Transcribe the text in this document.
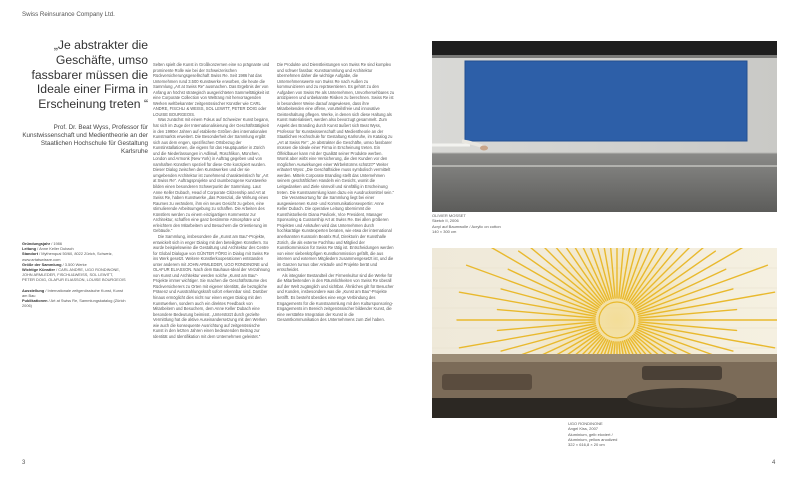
Swiss Reinsurance Company Ltd.
„Je abstrakter die Geschäfte, umso fassbarer müssen die Ideale einer Firma in Erscheinung treten “
Prof. Dr. Beat Wyss, Professor für Kunstwissenschaft und Medientheorie an der Staatlichen Hochschule für Gestaltung Karlsruhe

Gründungsjahr / 1986

Leitung / Anne Keller Dubach

Standort / Mythenquai 50/60, 8022 Zürich, Schweiz, www.artatswissre.com

Größe der Sammlung / 3.500 Werke

Wichtige Künstler / CARL ANDRE, UGO RONDINONE, JOHN ARMLEDER, FISCHLI&WEISS, SOL LEWITT, PETER DOIG, OLAFUR ELIASSON, LOUISE BOURGEOIS

Ausstellung / Internationale zeitgenössische Kunst, Kunst am Bau

Publikationen / Art at Swiss Re, Sammlungskatalog (Zürich 2006)

Selten spielt die Kunst in Großkonzernen eine so prägnante und prominente Rolle wie bei der Schweizerischen Rückversicherungsgesellschaft Swiss Re. Seit 1986 hat das Unternehmen rund 3.500 Kunstwerke erworben, die heute die Sammlung „Art at Swiss Re“ ausmachen. Das Ergebnis der von Anfang an höchst strategisch ausgerichteten Sammeltätigkeit ist eine Corporate Collection von Weltrang mit hervorragenden Werken weltbekannter zeitgenössischer Künstler wie CARL ANDRE, FISCHLI & WEISS, SOL LEWITT, PETER DOIG oder LOUISE BOURGEOIS.

Was zunächst mit einem Fokus auf Schweizer Kunst begann, hat sich im Zuge der Internationalisierung der Geschäftstätigkeit in den 1990er Jahren auf etablierte Größen des internationalen Kunstmarkts erweitert. Die Besonderheit der Sammlung ergibt sich aus dem engen, spezifischen Ortsbezug der Kunstinstallationen, die eigens für das Hauptquartier in Zürich und die Niederlassungen in Adliswil, Rüschlikon, München, London und Armonk (New York) in Auftrag gegeben und von namhaften Künstlern speziell für diese Orte konzipiert wurden. Dieser Dialog zwischen den Kunstwerken und der sie umgebenden Architektur ist zunehmend charakteristisch für „Art at Swiss Re“. Auftragsprojekte und raumbezogene Kunstwerke bilden einen besonderen Schwerpunkt der Sammlung. Laut Anne Keller Dubach, Head of Corporate Citizenship and Art at Swiss Re, haben Kunstwerke „das Potenzial, die Wirkung eines Raumes zu verändern, ihm ein neues Gesicht zu geben, eine stimulierende Arbeitsumgebung zu schaffen. Die Arbeiten des Künstlers werden zu einem einzigartigen Kommentar zur Architektur, schaffen eine ganz bestimmte Atmosphäre und erleichtern den Mitarbeitern und Besuchern die Orientierung im Gebäude.“

Die Sammlung, insbesondere die „Kunst am Bau“-Projekte, entwickelt sich in enger Dialog mit den beteiligten Künstlern. So wurde beispielsweise die Gestaltung und Architektur des Centre for Global Dialogue von GÜNTER FÖRG in Dialog mit Swiss Re ins Werk gesetzt. Weitere Künstlerkooperationen entstanden unter anderem mit JOHN ARMLEDER, UGO RONDINONE und OLAFUR ELIASSON. Nach dem Bauhaus-Ideal der Verzahnung von Kunst und Architektur werden solche „Kunst am Bau“-Projekte immer wichtiger. Sie machen die Geschäftsräume des Rückversicherers zu Orten mit eigener Identität, die bezügliche Präsenz und Ausstrahlungskraft sofort erkennbar sind. Darüber hinaus ermöglicht dies nicht nur einen engen Dialog mit den Kunstwerken, sondern auch ein direktes Feedback von Mitarbeitern und Besuchern, dem Anne Keller Dubach eine besondere Bedeutung beimisst. „Unterstützt durch gezielte Vermittlung hat die aktive Auseinandersetzung mit den Werken wie auch die konsequente Ausrichtung auf zeitgenössische Kunst in den letzten Jahren einen bedeutenden Beitrag zur Identität und Identifikation mit dem Unternehmen geleistet.“

Die Produkte und Dienstleistungen von Swiss Re sind komplex und schwer fassbar. Kunstsammlung und Architektur übernehmen daher die wichtige Aufgabe, die Unternehmenswerte von Swiss Re nach Außen zu kommunizieren und zu repräsentieren. Es gehört zu den Aufgaben von Swiss Re als Unternehmen, Unvorhersehbares zu antizipieren und unbekannte Risiken zu berechnen. Swiss Re ist in besonderer Weise darauf angewiesen, dass ihre Mitarbeitenden eine offene, vorurteilsfreie und innovative Geisteshaltung pflegen. Werke, in denen sich diese Haltung als Kunst materialisiert, werden also bevorzugt gesammelt. Zum Aspekt des Branding durch Kunst äußert sich Beat Wyss, Professor für Kunstwissenschaft und Medientheorie an der Staatlichen Hochschule für Gestaltung Karlsruhe, im Katalog zu „Art at Swiss Re“: „Je abstrakter die Geschäfte, umso fassbarer müssen die Ideale einer Firma in Erscheinung treten. Ein Ölfeldbauer kann mit der Qualität seiner Produkte werben. Womit aber wirbt eine Versicherung, die den Kunden vor den möglichen Auswirkungen einer Wirbelstürms schützt?“ Weiter erläutert Wyss: „Die Geschäftsidee muss symbolisch vermittelt werden. Mittels Corporate Branding stellt das Unternehmen seinem geschäftlichen Handeln ein Gesicht, womit die Leitgedanken und Ziele sinnvoll und sinnfällig in Erscheinung treten. Die Kunstsammlung kann dazu ein Ausdrucksmittel sein.“

Die Verantwortung für die Sammlung liegt bei einer ausgewiesenen Kunst- und Kommunikationsexpertin: Anne Keller Dubach. Die operative Leitung übernimmt die Kunsthistorikerin Diana Pavlicek, Vice President, Manager Sponsoring & Curatorship Art at Swiss Re. Bei allen größeren Projekten und Ankäufen wird das Unternehmen durch hochkarätige Kunstexperten beraten, wie etwa der international anerkannten Kuratorin Beatrix Ruf, Direktorin der Kunsthalle Zürich, die als externe Fachfrau und Mitglied der Kunstkommission für Swiss Re tätig ist. Entscheidungen werden von einer siebenköpfigen Kunstkommission gefällt, die aus internen und externen Mitgliedern zusammengesetzt ist, und die im Ganzen turnus über Ankäufe und Projekte berät und entscheidet.

Als integraler Bestandteil der Firmenkultur sind die Werke für die Mitarbeitenden in den Räumlichkeiten von Swiss Re überall auf der Welt zugänglich und sichtbar. Ähnliches gilt für Besucher und Kunden, insbesondere was die „Kunst am Bau“-Projekte betrifft. Es besteht überdies eine enge Verbindung des Engagements für die Kunstsammlung mit den Kultursponsoring-Engagements im Bereich zeitgenössischer bildender Kunst, die eine verstärkte Integration der Kunst in die Gesamtkommunikation des Unternehmens zum Ziel haben.

3	4
OLIVIER MOSSET
Sketch II, 2006
Acryl auf Baumwolle / Acrylic on cotton
140 × 300 cm
UGO RONDINONE
Angel Kiss, 2007
Aluminium, gelb eloxiert /
Aluminium, yellow anodized
322 × 616,8 × 20 cm
